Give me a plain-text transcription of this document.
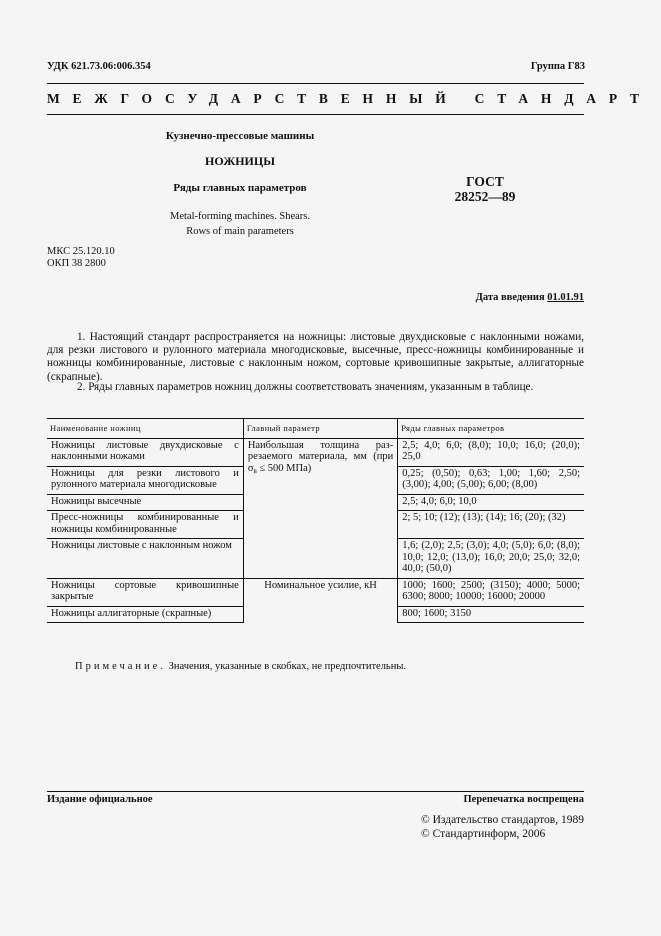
УДК 621.73.06:006.354	Группа Г83
МЕЖГОСУДАРСТВЕННЫЙ СТАНДАРТ
Кузнечно-прессовые машины
НОЖНИЦЫ
Ряды главных параметров
Metal-forming machines. Shears.
Rows of main parameters
ГОСТ
28252—89
МКС 25.120.10
ОКП 38 2800
Дата введения 01.01.91
1. Настоящий стандарт распространяется на ножницы: листовые двухдисковые с наклонными ножами, для резки листового и рулонного материала многодисковые, высечные, пресс-ножницы комбинированные и ножницы комбинированные, листовые с наклонным ножом, сортовые кривошипные закрытые, аллигаторные (скрапные).
2. Ряды главных параметров ножниц должны соответствовать значениям, указанным в таблице.
Наименование ножниц	Главный параметр	Ряды главных параметров
Ножницы листовые двухдисковые с наклонными ножами	Наибольшая толщина разрезаемого материала, мм (при $\sigma_в \le 500$ МПа)	2,5; 4,0; 6,0; (8,0); 10,0; 16,0; (20,0); 25,0
Ножницы для резки листового и рулонного материала многодисковые		0,25; (0,50); 0,63; 1,00; 1,60; 2,50; (3,00); 4,00; (5,00); 6,00; (8,00)
Ножницы высечные		2,5; 4,0; 6,0; 10,0
Пресс-ножницы комбинированные и ножницы комбинированные		2; 5; 10; (12); (13); (14); 16; (20); (32)
Ножницы листовые с наклонным ножом		1,6; (2,0); 2,5; (3,0); 4,0; (5,0); 6,0; (8,0); 10,0; 12,0; (13,0); 16,0; 20,0; 25,0; 32,0; 40,0; (50,0)
Ножницы сортовые кривошипные закрытые	Номинальное усилие, кН	1000; 1600; 2500; (3150); 4000; 5000; 6300; 8000; 10000; 16000; 20000
Ножницы аллигаторные (скрапные)		800; 1600; 3150
Примечание. Значения, указанные в скобках, не предпочтительны.
Издание официальное	Перепечатка воспрещена
© Издательство стандартов, 1989
© Стандартинформ, 2006
